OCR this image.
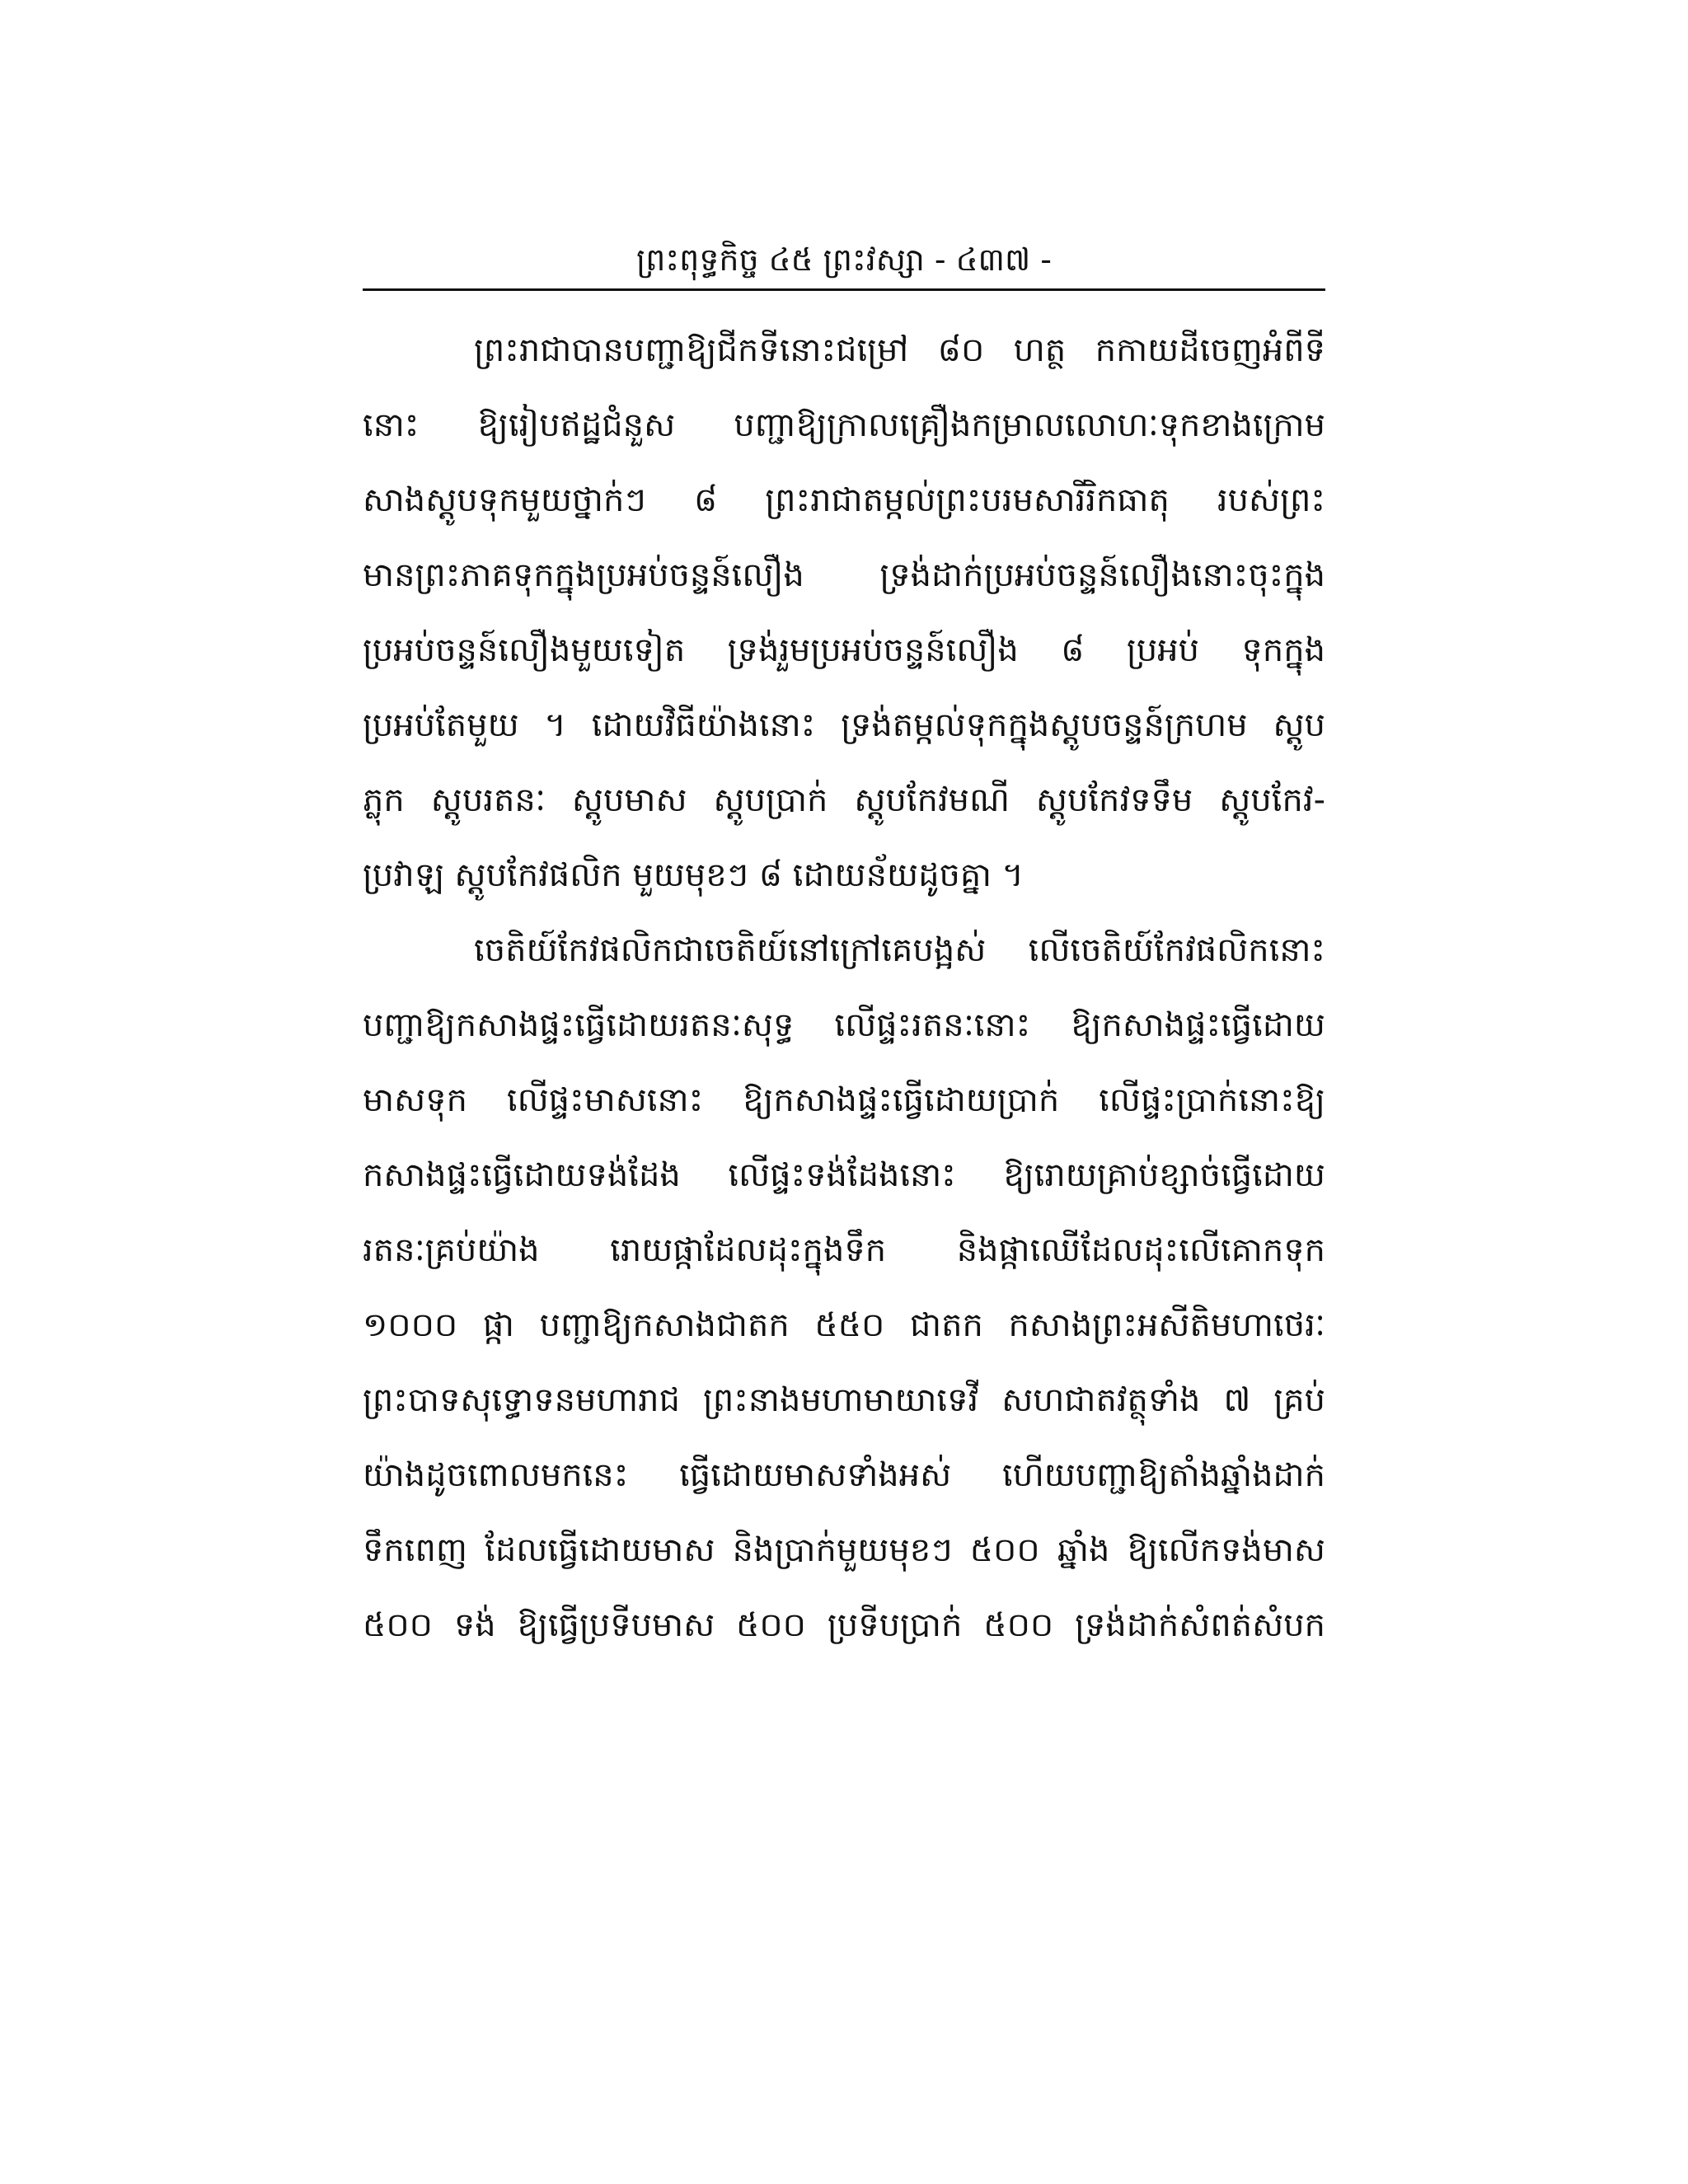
ព្រះពុទ្ធកិច្ច ៤៥ ព្រះវស្សា - ៤៣៧ -
ព្រះរាជាបានបញ្ជាឱ្យជីកទីនោះជម្រៅ ៨០ ហត្ថ កកាយដីចេញអំពីទី
នោះ ឱ្យរៀបឥដ្ឋជំនួស បញ្ជាឱ្យក្រាលគ្រឿងកម្រាលលោហៈទុកខាងក្រោម
សាងស្តូបទុកមួយថ្នាក់ៗ ៨ ព្រះរាជាតម្កល់ព្រះបរមសារីរិកធាតុ របស់ព្រះ
មានព្រះភាគទុកក្នុងប្រអប់ចន្ទន៍លឿង ទ្រង់ដាក់ប្រអប់ចន្ទន៍លឿងនោះចុះក្នុង
ប្រអប់ចន្ទន៍លឿងមួយទៀត ទ្រង់រួមប្រអប់ចន្ទន៍លឿង ៨ ប្រអប់ ទុកក្នុង
ប្រអប់តែមួយ ។ ដោយវិធីយ៉ាងនោះ ទ្រង់តម្កល់ទុកក្នុងស្តូបចន្ទន៍ក្រហម ស្តូប
ភ្លុក ស្តូបរតនៈ ស្តូបមាស ស្តូបប្រាក់ ស្តូបកែវមណី ស្តូបកែវទទឹម ស្តូបកែវ-
ប្រវាឡ ស្តូបកែវផលិក មួយមុខៗ ៨ ដោយន័យដូចគ្នា ។
ចេតិយ៍កែវផលិកជាចេតិយ៍នៅក្រៅគេបង្អស់ លើចេតិយ៍កែវផលិកនោះ
បញ្ជាឱ្យកសាងផ្ទះធ្វើដោយរតនៈសុទ្ធ លើផ្ទះរតនៈនោះ ឱ្យកសាងផ្ទះធ្វើដោយ
មាសទុក លើផ្ទះមាសនោះ ឱ្យកសាងផ្ទះធ្វើដោយប្រាក់ លើផ្ទះប្រាក់នោះឱ្យ
កសាងផ្ទះធ្វើដោយទង់ដែង លើផ្ទះទង់ដែងនោះ ឱ្យរោយគ្រាប់ខ្សាច់ធ្វើដោយ
រតនៈគ្រប់យ៉ាង រោយផ្កាដែលដុះក្នុងទឹក និងផ្កាឈើដែលដុះលើគោកទុក
១០០០ ផ្កា បញ្ជាឱ្យកសាងជាតក ៥៥០ ជាតក កសាងព្រះអសីតិមហាថេរៈ
ព្រះបាទសុទ្ធោទនមហារាជ ព្រះនាងមហាមាយាទេវី សហជាតវត្ថុទាំង ៧ គ្រប់
យ៉ាងដូចពោលមកនេះ ធ្វើដោយមាសទាំងអស់ ហើយបញ្ជាឱ្យតាំងឆ្នាំងដាក់
ទឹកពេញ ដែលធ្វើដោយមាស និងប្រាក់មួយមុខៗ ៥០០ ឆ្នាំង ឱ្យលើកទង់មាស
៥០០ ទង់ ឱ្យធ្វើប្រទីបមាស ៥០០ ប្រទីបប្រាក់ ៥០០ ទ្រង់ដាក់សំពត់សំបក
